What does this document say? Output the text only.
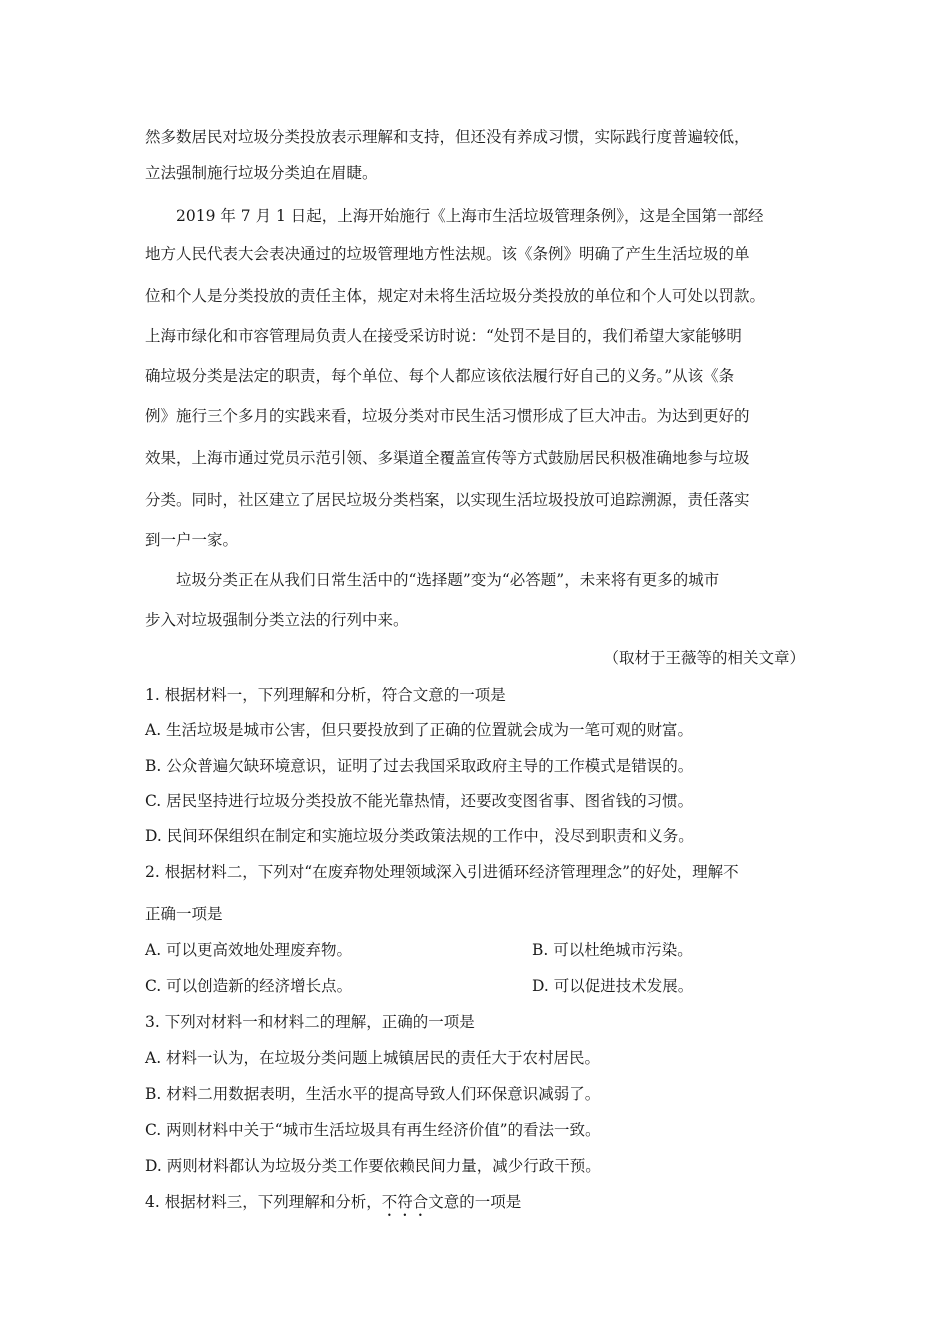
然多数居民对垃圾分类投放表示理解和支持，但还没有养成习惯，实际践行度普遍较低，
立法强制施行垃圾分类迫在眉睫。
2019 年 7 月 1 日起，上海开始施行《上海市生活垃圾管理条例》，这是全国第一部经
地方人民代表大会表决通过的垃圾管理地方性法规。该《条例》明确了产生生活垃圾的单
位和个人是分类投放的责任主体，规定对未将生活垃圾分类投放的单位和个人可处以罚款。
上海市绿化和市容管理局负责人在接受采访时说：“处罚不是目的，我们希望大家能够明
确垃圾分类是法定的职责，每个单位、每个人都应该依法履行好自己的义务。”从该《条
例》施行三个多月的实践来看，垃圾分类对市民生活习惯形成了巨大冲击。为达到更好的
效果，上海市通过党员示范引领、多渠道全覆盖宣传等方式鼓励居民积极准确地参与垃圾
分类。同时，社区建立了居民垃圾分类档案，以实现生活垃圾投放可追踪溯源，责任落实
到一户一家。
垃圾分类正在从我们日常生活中的“选择题”变为“必答题”，未来将有更多的城市
步入对垃圾强制分类立法的行列中来。
（取材于王薇等的相关文章）
1. 根据材料一，下列理解和分析，符合文意的一项是
A. 生活垃圾是城市公害，但只要投放到了正确的位置就会成为一笔可观的财富。
B. 公众普遍欠缺环境意识，证明了过去我国采取政府主导的工作模式是错误的。
C. 居民坚持进行垃圾分类投放不能光靠热情，还要改变图省事、图省钱的习惯。
D. 民间环保组织在制定和实施垃圾分类政策法规的工作中，没尽到职责和义务。
2. 根据材料二，下列对“在废弃物处理领域深入引进循环经济管理理念”的好处，理解不
正确一项是
A. 可以更高效地处理废弃物。	B. 可以杜绝城市污染。
C. 可以创造新的经济增长点。	D. 可以促进技术发展。
3. 下列对材料一和材料二的理解，正确的一项是
A. 材料一认为，在垃圾分类问题上城镇居民的责任大于农村居民。
B. 材料二用数据表明，生活水平的提高导致人们环保意识减弱了。
C. 两则材料中关于“城市生活垃圾具有再生经济价值”的看法一致。
D. 两则材料都认为垃圾分类工作要依赖民间力量，减少行政干预。
4. 根据材料三，下列理解和分析，不符合文意的一项是
